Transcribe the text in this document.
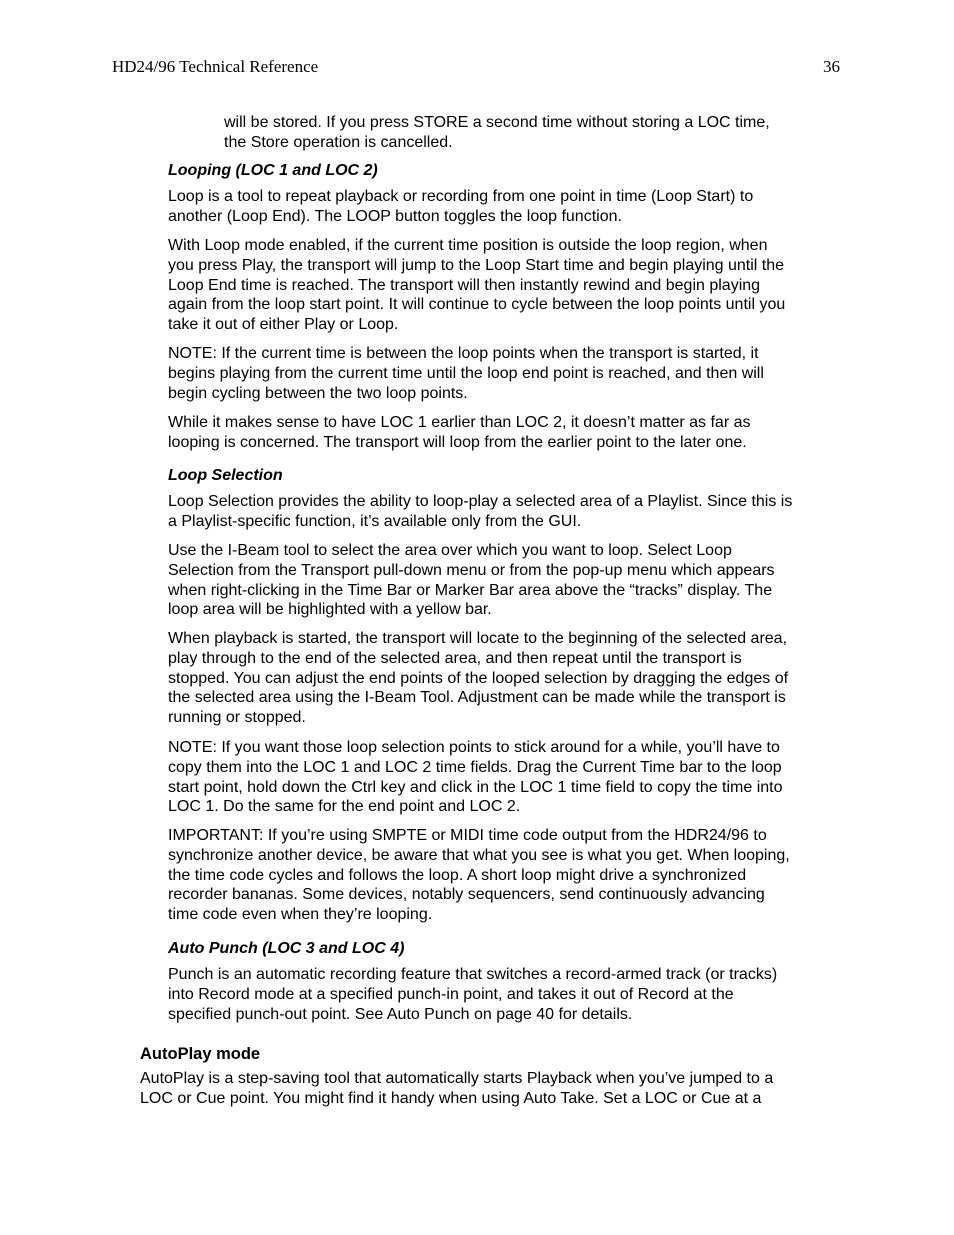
HD24/96 Technical Reference	36

will be stored. If you press STORE a second time without storing a LOC time,
the Store operation is cancelled.

Looping (LOC 1 and LOC 2)

Loop is a tool to repeat playback or recording from one point in time (Loop Start) to
another (Loop End). The LOOP button toggles the loop function.

With Loop mode enabled, if the current time position is outside the loop region, when
you press Play, the transport will jump to the Loop Start time and begin playing until the
Loop End time is reached. The transport will then instantly rewind and begin playing
again from the loop start point. It will continue to cycle between the loop points until you
take it out of either Play or Loop.

NOTE: If the current time is between the loop points when the transport is started, it
begins playing from the current time until the loop end point is reached, and then will
begin cycling between the two loop points.

While it makes sense to have LOC 1 earlier than LOC 2, it doesn’t matter as far as
looping is concerned. The transport will loop from the earlier point to the later one.

Loop Selection

Loop Selection provides the ability to loop-play a selected area of a Playlist. Since this is
a Playlist-specific function, it’s available only from the GUI.

Use the I-Beam tool to select the area over which you want to loop. Select Loop
Selection from the Transport pull-down menu or from the pop-up menu which appears
when right-clicking in the Time Bar or Marker Bar area above the “tracks” display. The
loop area will be highlighted with a yellow bar.

When playback is started, the transport will locate to the beginning of the selected area,
play through to the end of the selected area, and then repeat until the transport is
stopped. You can adjust the end points of the looped selection by dragging the edges of
the selected area using the I-Beam Tool. Adjustment can be made while the transport is
running or stopped.

NOTE: If you want those loop selection points to stick around for a while, you’ll have to
copy them into the LOC 1 and LOC 2 time fields. Drag the Current Time bar to the loop
start point, hold down the Ctrl key and click in the LOC 1 time field to copy the time into
LOC 1. Do the same for the end point and LOC 2.

IMPORTANT: If you’re using SMPTE or MIDI time code output from the HDR24/96 to
synchronize another device, be aware that what you see is what you get. When looping,
the time code cycles and follows the loop. A short loop might drive a synchronized
recorder bananas. Some devices, notably sequencers, send continuously advancing
time code even when they’re looping.

Auto Punch (LOC 3 and LOC 4)

Punch is an automatic recording feature that switches a record-armed track (or tracks)
into Record mode at a specified punch-in point, and takes it out of Record at the
specified punch-out point. See Auto Punch on page 40 for details.

AutoPlay mode

AutoPlay is a step-saving tool that automatically starts Playback when you’ve jumped to a
LOC or Cue point. You might find it handy when using Auto Take. Set a LOC or Cue at a
